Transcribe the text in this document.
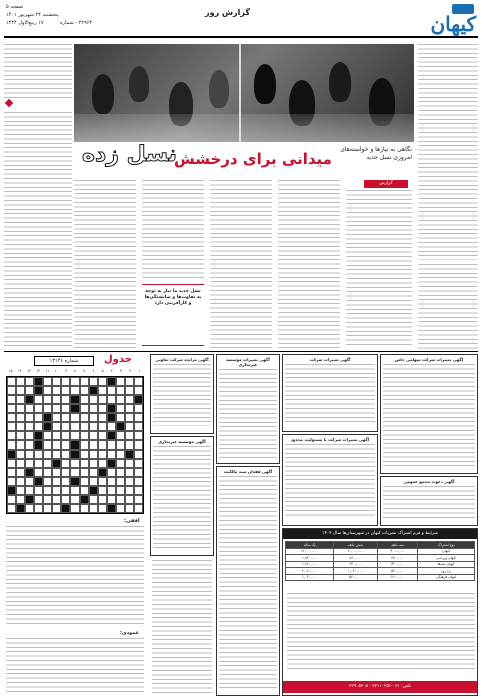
صفحه ۵
پنجشنبه ۲۴ شهریور ۱۴۰۱
۱۷ ربیع‌الاول ۱۴۴۴	۲۲۹۶۴ - شماره
گزارش روز	کیهان
نسل زده
میدانی برای درخشش
نگاهی به نیازها و خواسته‌های امروزی نسل جدید
گزارش
نسل جدید ما نیاز به توجه به تفاوت‌ها و شایستگی‌ها و کارآفرینی دارد
شماره ۱۳۱۴۶	جدول
۱۵	۱۴	۱۳	۱۲	۱۱	۱۰	۹	۸	۷	۶	۵	۴	۳	۲	۱
افقی:
عمودی:
آگهی مزایده شرکت تعاونی	آگهی تغییرات موسسه غیرتجاری
آگهی تغییرات شرکت	آگهی تغییرات شرکت سهامی خاص
آگهی موسسه غیرتجاری	آگهی تغییرات شرکت با مسئولیت محدود
آگهی دعوت مجمع عمومی
آگهی فقدان سند مالکیت
شرایط و فرم اشتراک نشریات کیهان در شهرستان‌ها سال ۱۴۰۴
نوع اشتراک	سه ماهه	شش ماهه	یک ساله
کیهان	۳۰۰۰,۰۰۰	۶,۰۰۰,۰۰۰	۱۲,۰۰۰,۰۰۰
کیهان ورزشی	۴۳۰,۰۰۰	۸۶۰,۰۰۰	۱,۷۲۰,۰۰۰
کیهان بچه‌ها	۳۲۰,۰۰۰	۶۴۰,۰۰۰	۱,۲۸۰,۰۰۰
زن روز	۵۲۰,۰۰۰	۱,۰۴۰,۰۰۰	۲,۰۸۰,۰۰۰
کیهان فرهنگی	۲۶۰,۰۰۰	۵۲۰,۰۰۰	۱,۰۴۰,۰۰۰
تلفن: ۰۲۱-۳۳۱۱۰۲۵۱ - ۳۳۹۰۵۳۰۵
